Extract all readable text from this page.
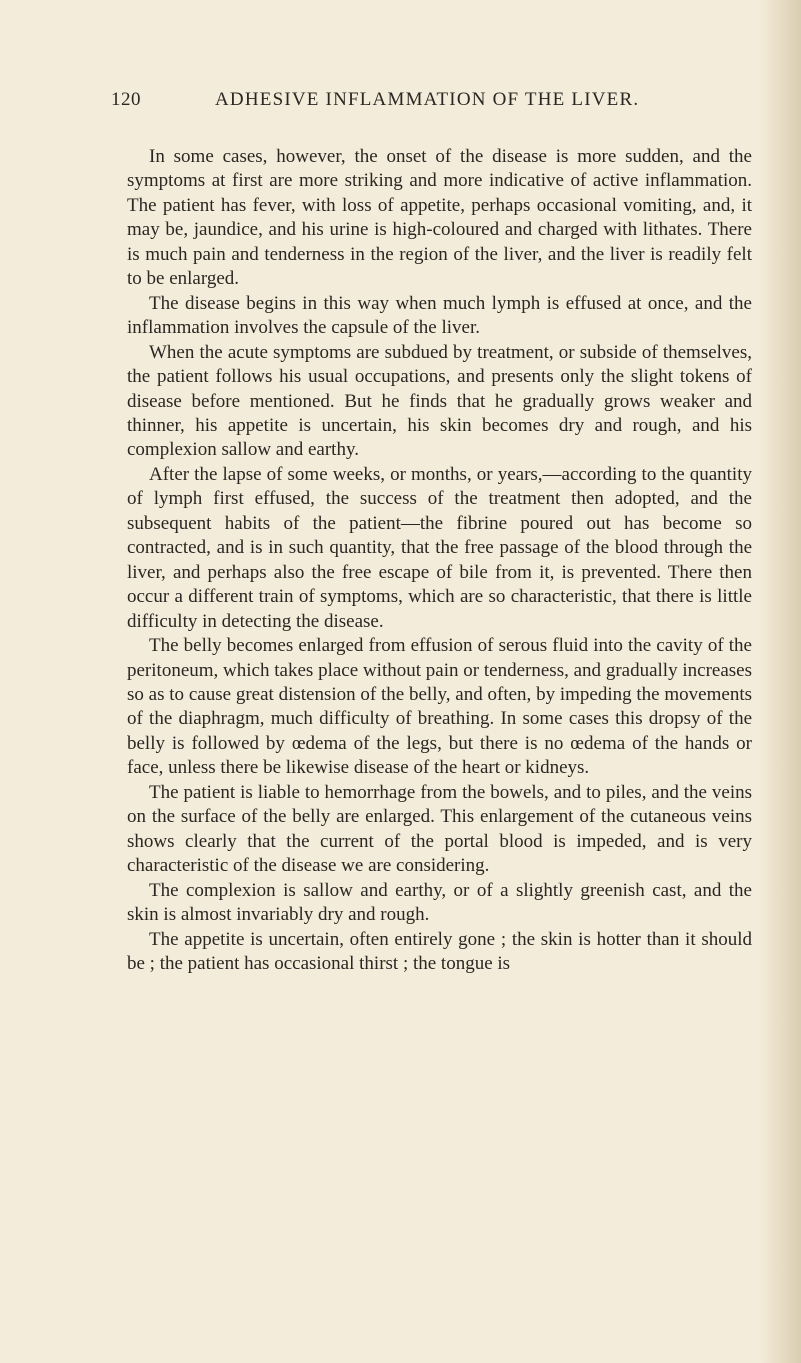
120	ADHESIVE INFLAMMATION OF THE LIVER.

In some cases, however, the onset of the disease is more sudden, and the symptoms at first are more striking and more indicative of active inflammation. The patient has fever, with loss of appetite, perhaps occasional vomiting, and, it may be, jaundice, and his urine is high-coloured and charged with lithates. There is much pain and tenderness in the region of the liver, and the liver is readily felt to be enlarged.

The disease begins in this way when much lymph is effused at once, and the inflammation involves the capsule of the liver.

When the acute symptoms are subdued by treatment, or subside of themselves, the patient follows his usual occupations, and presents only the slight tokens of disease before mentioned. But he finds that he gradually grows weaker and thinner, his appetite is uncertain, his skin becomes dry and rough, and his complexion sallow and earthy.

After the lapse of some weeks, or months, or years,—according to the quantity of lymph first effused, the success of the treatment then adopted, and the subsequent habits of the patient—the fibrine poured out has become so contracted, and is in such quantity, that the free passage of the blood through the liver, and perhaps also the free escape of bile from it, is prevented. There then occur a different train of symptoms, which are so characteristic, that there is little difficulty in detecting the disease.

The belly becomes enlarged from effusion of serous fluid into the cavity of the peritoneum, which takes place without pain or tenderness, and gradually increases so as to cause great distension of the belly, and often, by impeding the movements of the diaphragm, much difficulty of breathing. In some cases this dropsy of the belly is followed by œdema of the legs, but there is no œdema of the hands or face, unless there be likewise disease of the heart or kidneys.

The patient is liable to hemorrhage from the bowels, and to piles, and the veins on the surface of the belly are enlarged. This enlargement of the cutaneous veins shows clearly that the current of the portal blood is impeded, and is very characteristic of the disease we are considering.

The complexion is sallow and earthy, or of a slightly greenish cast, and the skin is almost invariably dry and rough.

The appetite is uncertain, often entirely gone ; the skin is hotter than it should be ; the patient has occasional thirst ; the tongue is
